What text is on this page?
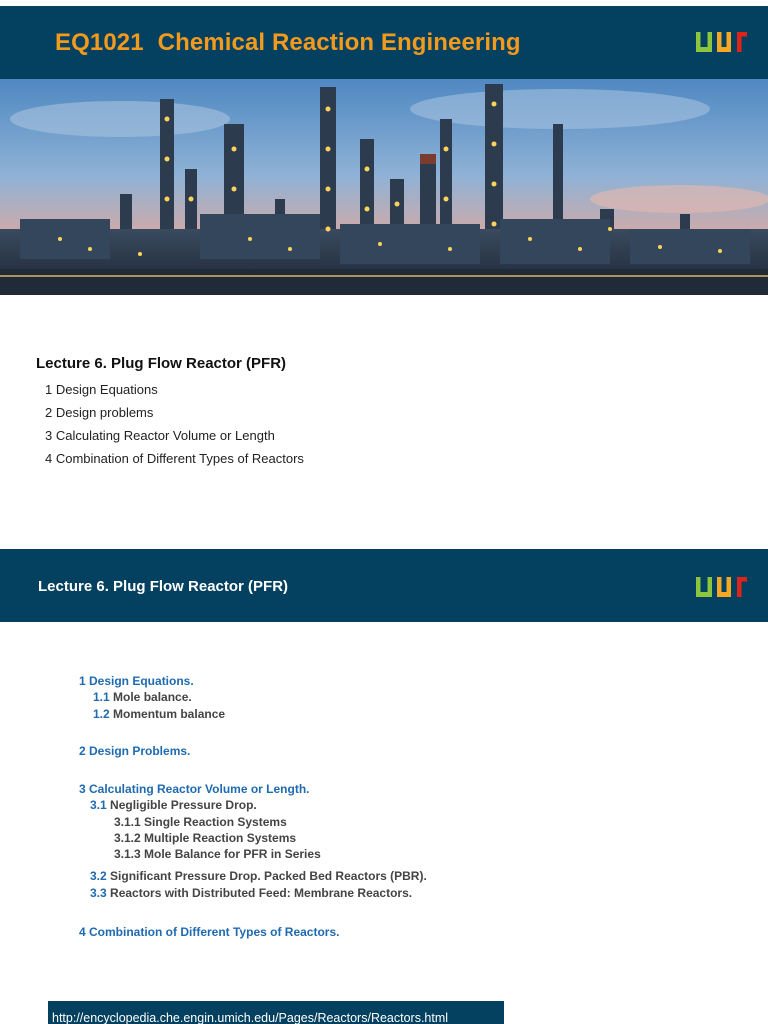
EQ1021 Chemical Reaction Engineering
Lecture 6. Plug Flow Reactor (PFR)
1 Design Equations
2 Design problems
3 Calculating Reactor Volume or Length
4 Combination of Different Types of Reactors
Lecture 6. Plug Flow Reactor (PFR)
1 Design Equations.
1.1 Mole balance.
1.2 Momentum balance
2 Design Problems.
3 Calculating Reactor Volume or Length.
3.1 Negligible Pressure Drop.
3.1.1 Single Reaction Systems
3.1.2 Multiple Reaction Systems
3.1.3 Mole Balance for PFR in Series
3.2 Significant Pressure Drop. Packed Bed Reactors (PBR).
3.3 Reactors with Distributed Feed: Membrane Reactors.
4 Combination of Different Types of Reactors.
http://encyclopedia.che.engin.umich.edu/Pages/Reactors/Reactors.html
